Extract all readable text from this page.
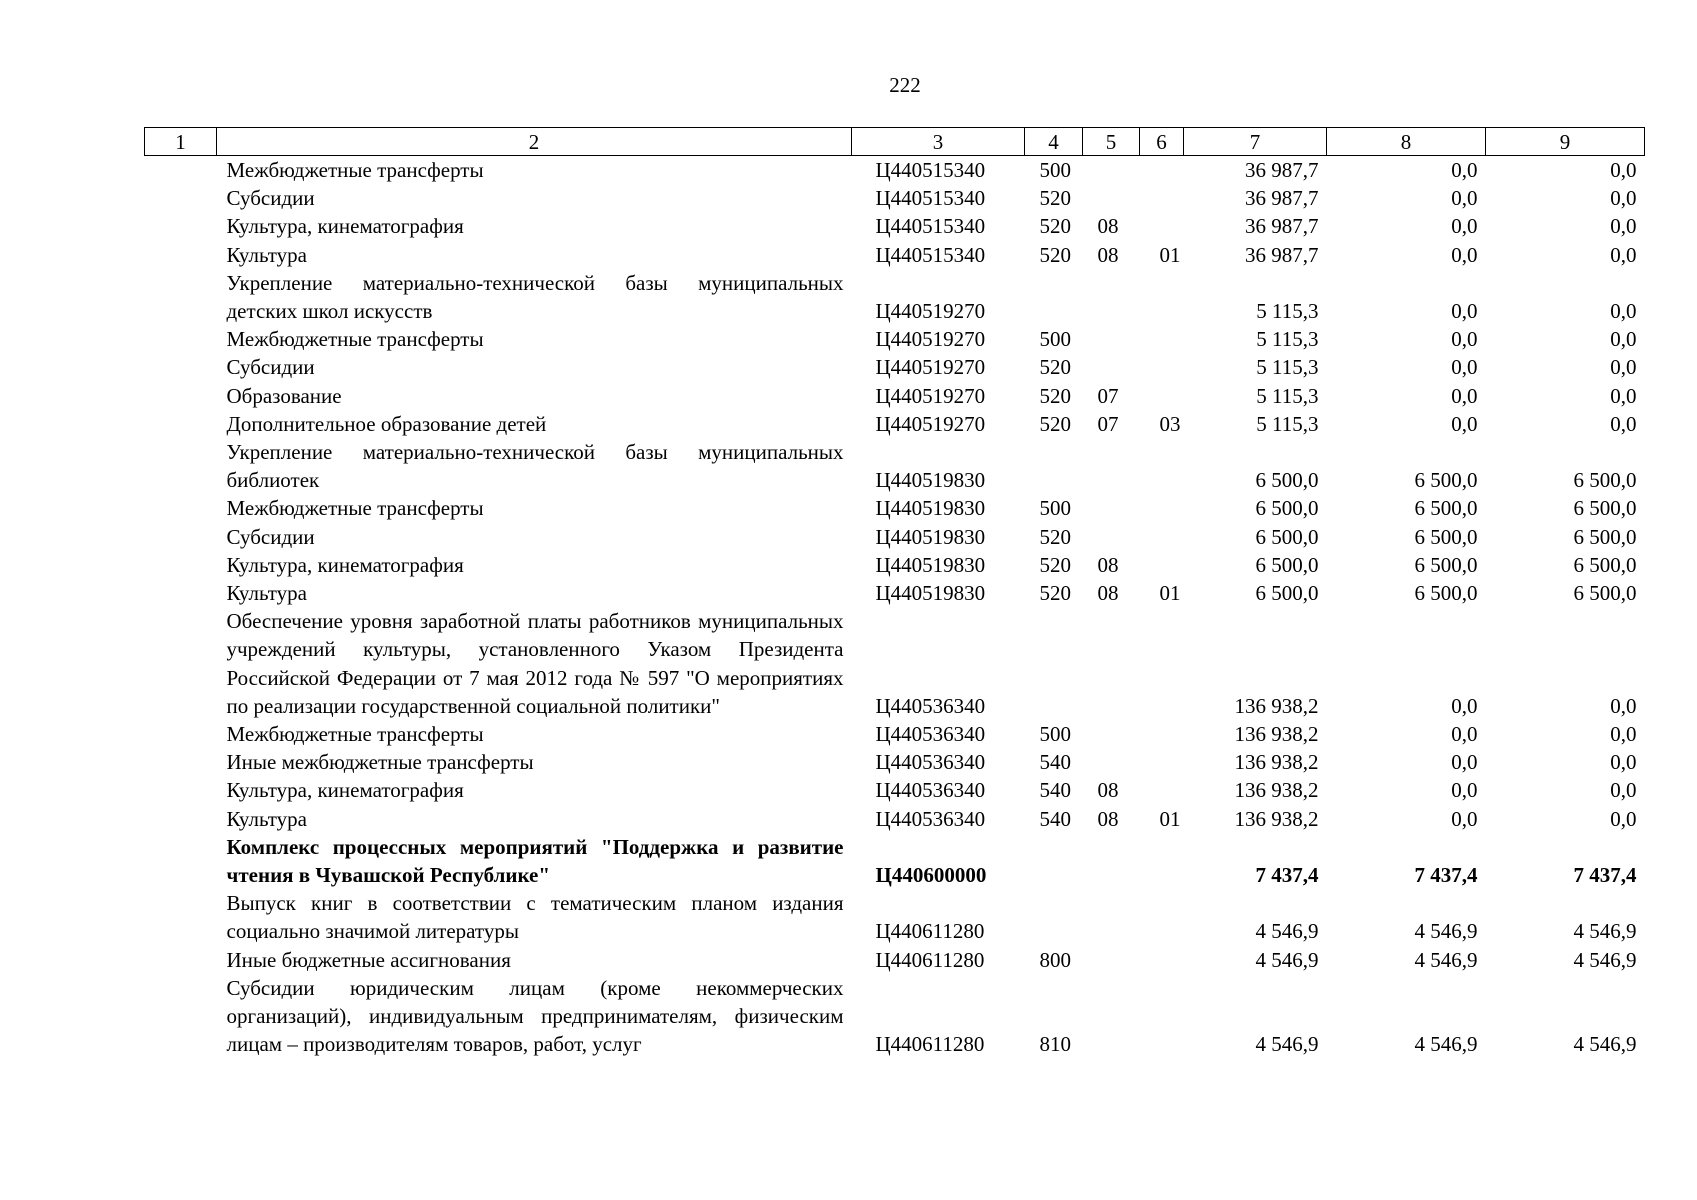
222
1	2	3	4	5	6	7	8	9
	Межбюджетные трансферты	Ц440515340	500			36 987,7	0,0	0,0
	Субсидии	Ц440515340	520			36 987,7	0,0	0,0
	Культура, кинематография	Ц440515340	520	08		36 987,7	0,0	0,0
	Культура	Ц440515340	520	08	01	36 987,7	0,0	0,0
	Укрепление материально-технической базы муниципальных детских школ искусств	Ц440519270				5 115,3	0,0	0,0
	Межбюджетные трансферты	Ц440519270	500			5 115,3	0,0	0,0
	Субсидии	Ц440519270	520			5 115,3	0,0	0,0
	Образование	Ц440519270	520	07		5 115,3	0,0	0,0
	Дополнительное образование детей	Ц440519270	520	07	03	5 115,3	0,0	0,0
	Укрепление материально-технической базы муниципальных библиотек	Ц440519830				6 500,0	6 500,0	6 500,0
	Межбюджетные трансферты	Ц440519830	500			6 500,0	6 500,0	6 500,0
	Субсидии	Ц440519830	520			6 500,0	6 500,0	6 500,0
	Культура, кинематография	Ц440519830	520	08		6 500,0	6 500,0	6 500,0
	Культура	Ц440519830	520	08	01	6 500,0	6 500,0	6 500,0
	Обеспечение уровня заработной платы работников муниципальных учреждений культуры, установленного Указом Президента Российской Федерации от 7 мая 2012 года № 597 "О мероприятиях по реализации государственной социальной политики"	Ц440536340				136 938,2	0,0	0,0
	Межбюджетные трансферты	Ц440536340	500			136 938,2	0,0	0,0
	Иные межбюджетные трансферты	Ц440536340	540			136 938,2	0,0	0,0
	Культура, кинематография	Ц440536340	540	08		136 938,2	0,0	0,0
	Культура	Ц440536340	540	08	01	136 938,2	0,0	0,0
	Комплекс процессных мероприятий "Поддержка и развитие чтения в Чувашской Республике"	Ц440600000				7 437,4	7 437,4	7 437,4
	Выпуск книг в соответствии с тематическим планом издания социально значимой литературы	Ц440611280				4 546,9	4 546,9	4 546,9
	Иные бюджетные ассигнования	Ц440611280	800			4 546,9	4 546,9	4 546,9
	Субсидии юридическим лицам (кроме некоммерческих организаций), индивидуальным предпринимателям, физическим лицам – производителям товаров, работ, услуг	Ц440611280	810			4 546,9	4 546,9	4 546,9
